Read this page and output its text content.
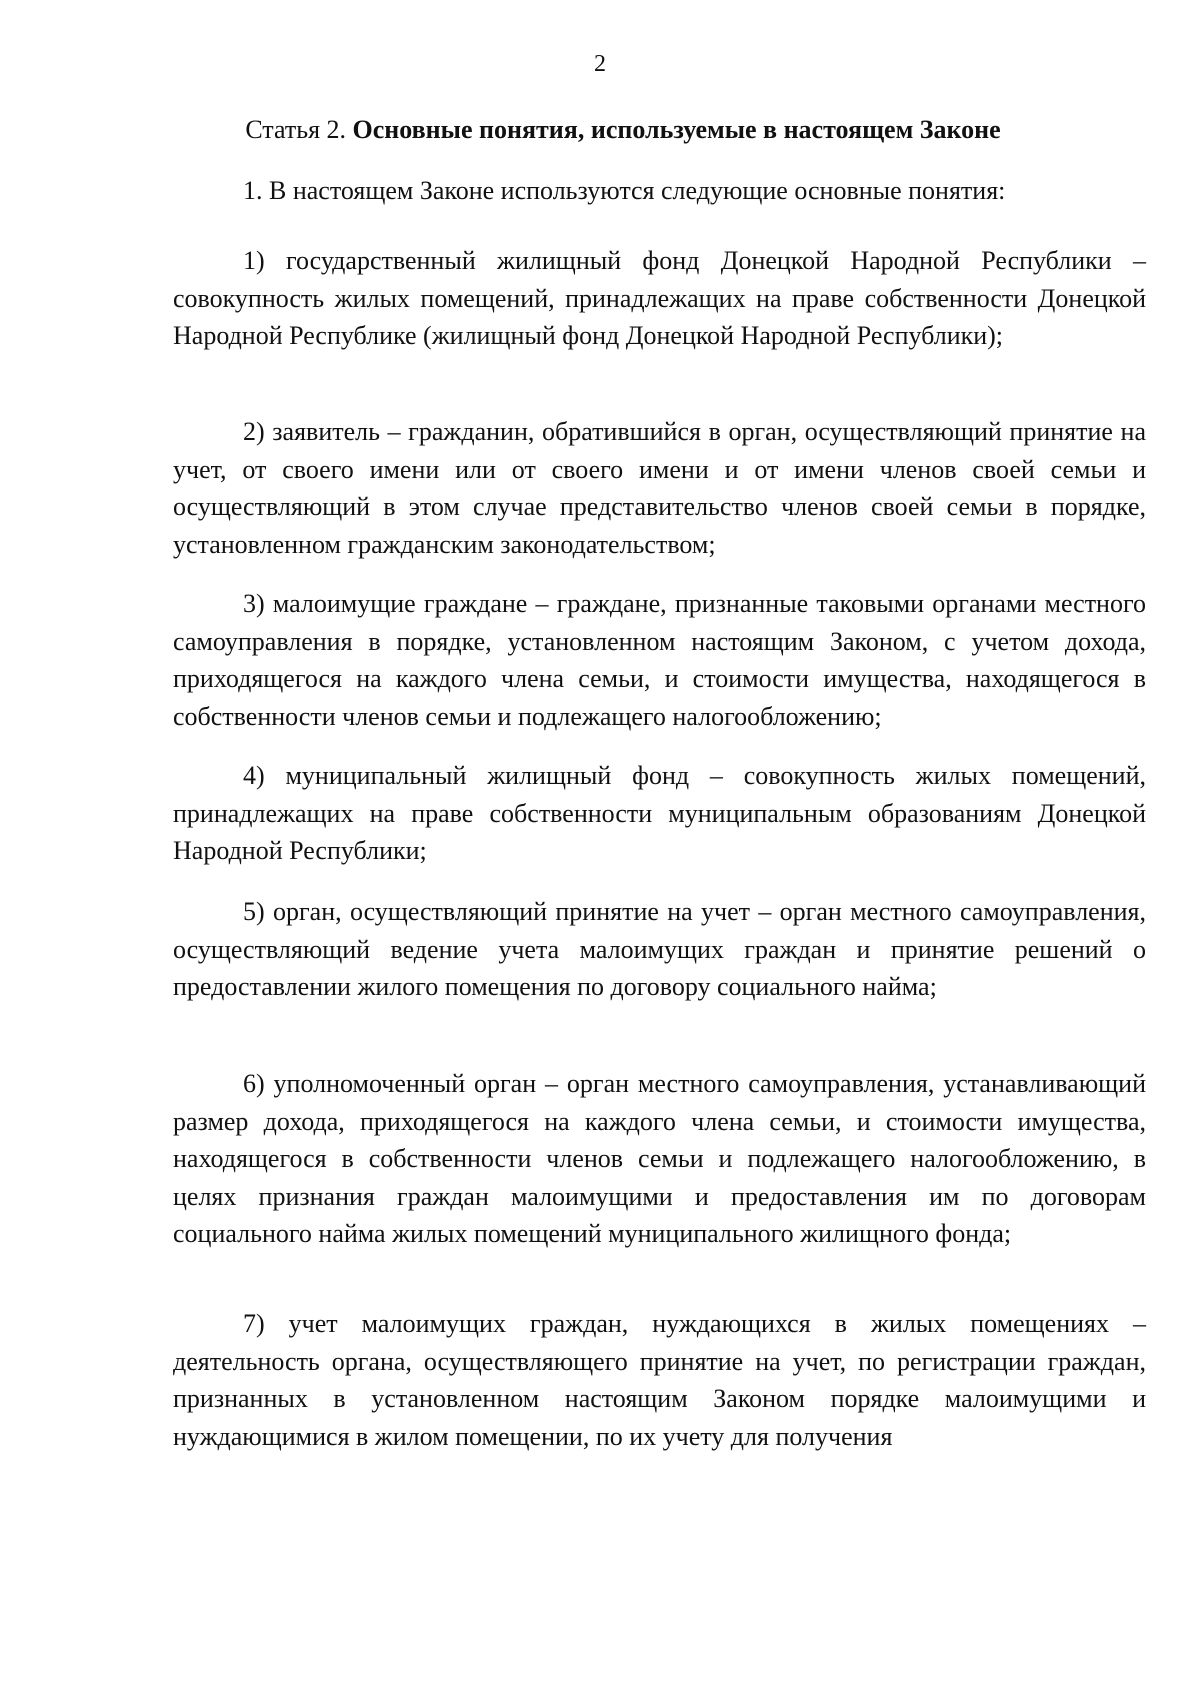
2
Статья 2. Основные понятия, используемые в настоящем Законе

1. В настоящем Законе используются следующие основные понятия:

1) государственный жилищный фонд Донецкой Народной Республики – совокупность жилых помещений, принадлежащих на праве собственности Донецкой Народной Республике (жилищный фонд Донецкой Народной Республики);

2) заявитель – гражданин, обратившийся в орган, осуществляющий принятие на учет, от своего имени или от своего имени и от имени членов своей семьи и осуществляющий в этом случае представительство членов своей семьи в порядке, установленном гражданским законодательством;

3) малоимущие граждане – граждане, признанные таковыми органами местного самоуправления в порядке, установленном настоящим Законом, с учетом дохода, приходящегося на каждого члена семьи, и стоимости имущества, находящегося в собственности членов семьи и подлежащего налогообложению;

4) муниципальный жилищный фонд – совокупность жилых помещений, принадлежащих на праве собственности муниципальным образованиям Донецкой Народной Республики;

5) орган, осуществляющий принятие на учет – орган местного самоуправления, осуществляющий ведение учета малоимущих граждан и принятие решений о предоставлении жилого помещения по договору социального найма;

6) уполномоченный орган – орган местного самоуправления, устанавливающий размер дохода, приходящегося на каждого члена семьи, и стоимости имущества, находящегося в собственности членов семьи и подлежащего налогообложению, в целях признания граждан малоимущими и предоставления им по договорам социального найма жилых помещений муниципального жилищного фонда;

7) учет малоимущих граждан, нуждающихся в жилых помещениях – деятельность органа, осуществляющего принятие на учет, по регистрации граждан, признанных в установленном настоящим Законом порядке малоимущими и нуждающимися в жилом помещении, по их учету для получения
